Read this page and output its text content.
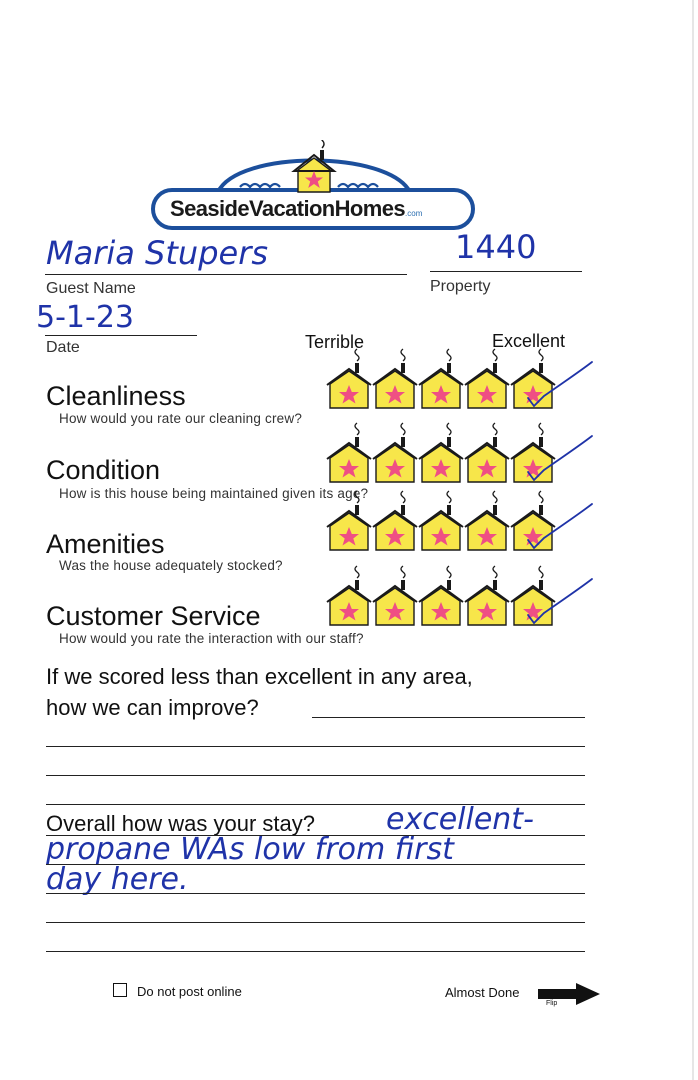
SeasideVacationHomes.com
Maria Stupers
Guest Name
1440
Property
5-1-23
Date	Terrible	Excellent
Cleanliness
How would you rate our cleaning crew?
Condition
How is this house being maintained given its age?
Amenities
Was the house adequately stocked?
Customer Service
How would you rate the interaction with our staff?
If we scored less than excellent in any area,
how we can improve?
Overall how was your stay? excellent-
propane WAs low from first
day here.
Do not post online	Almost Done
Flip
